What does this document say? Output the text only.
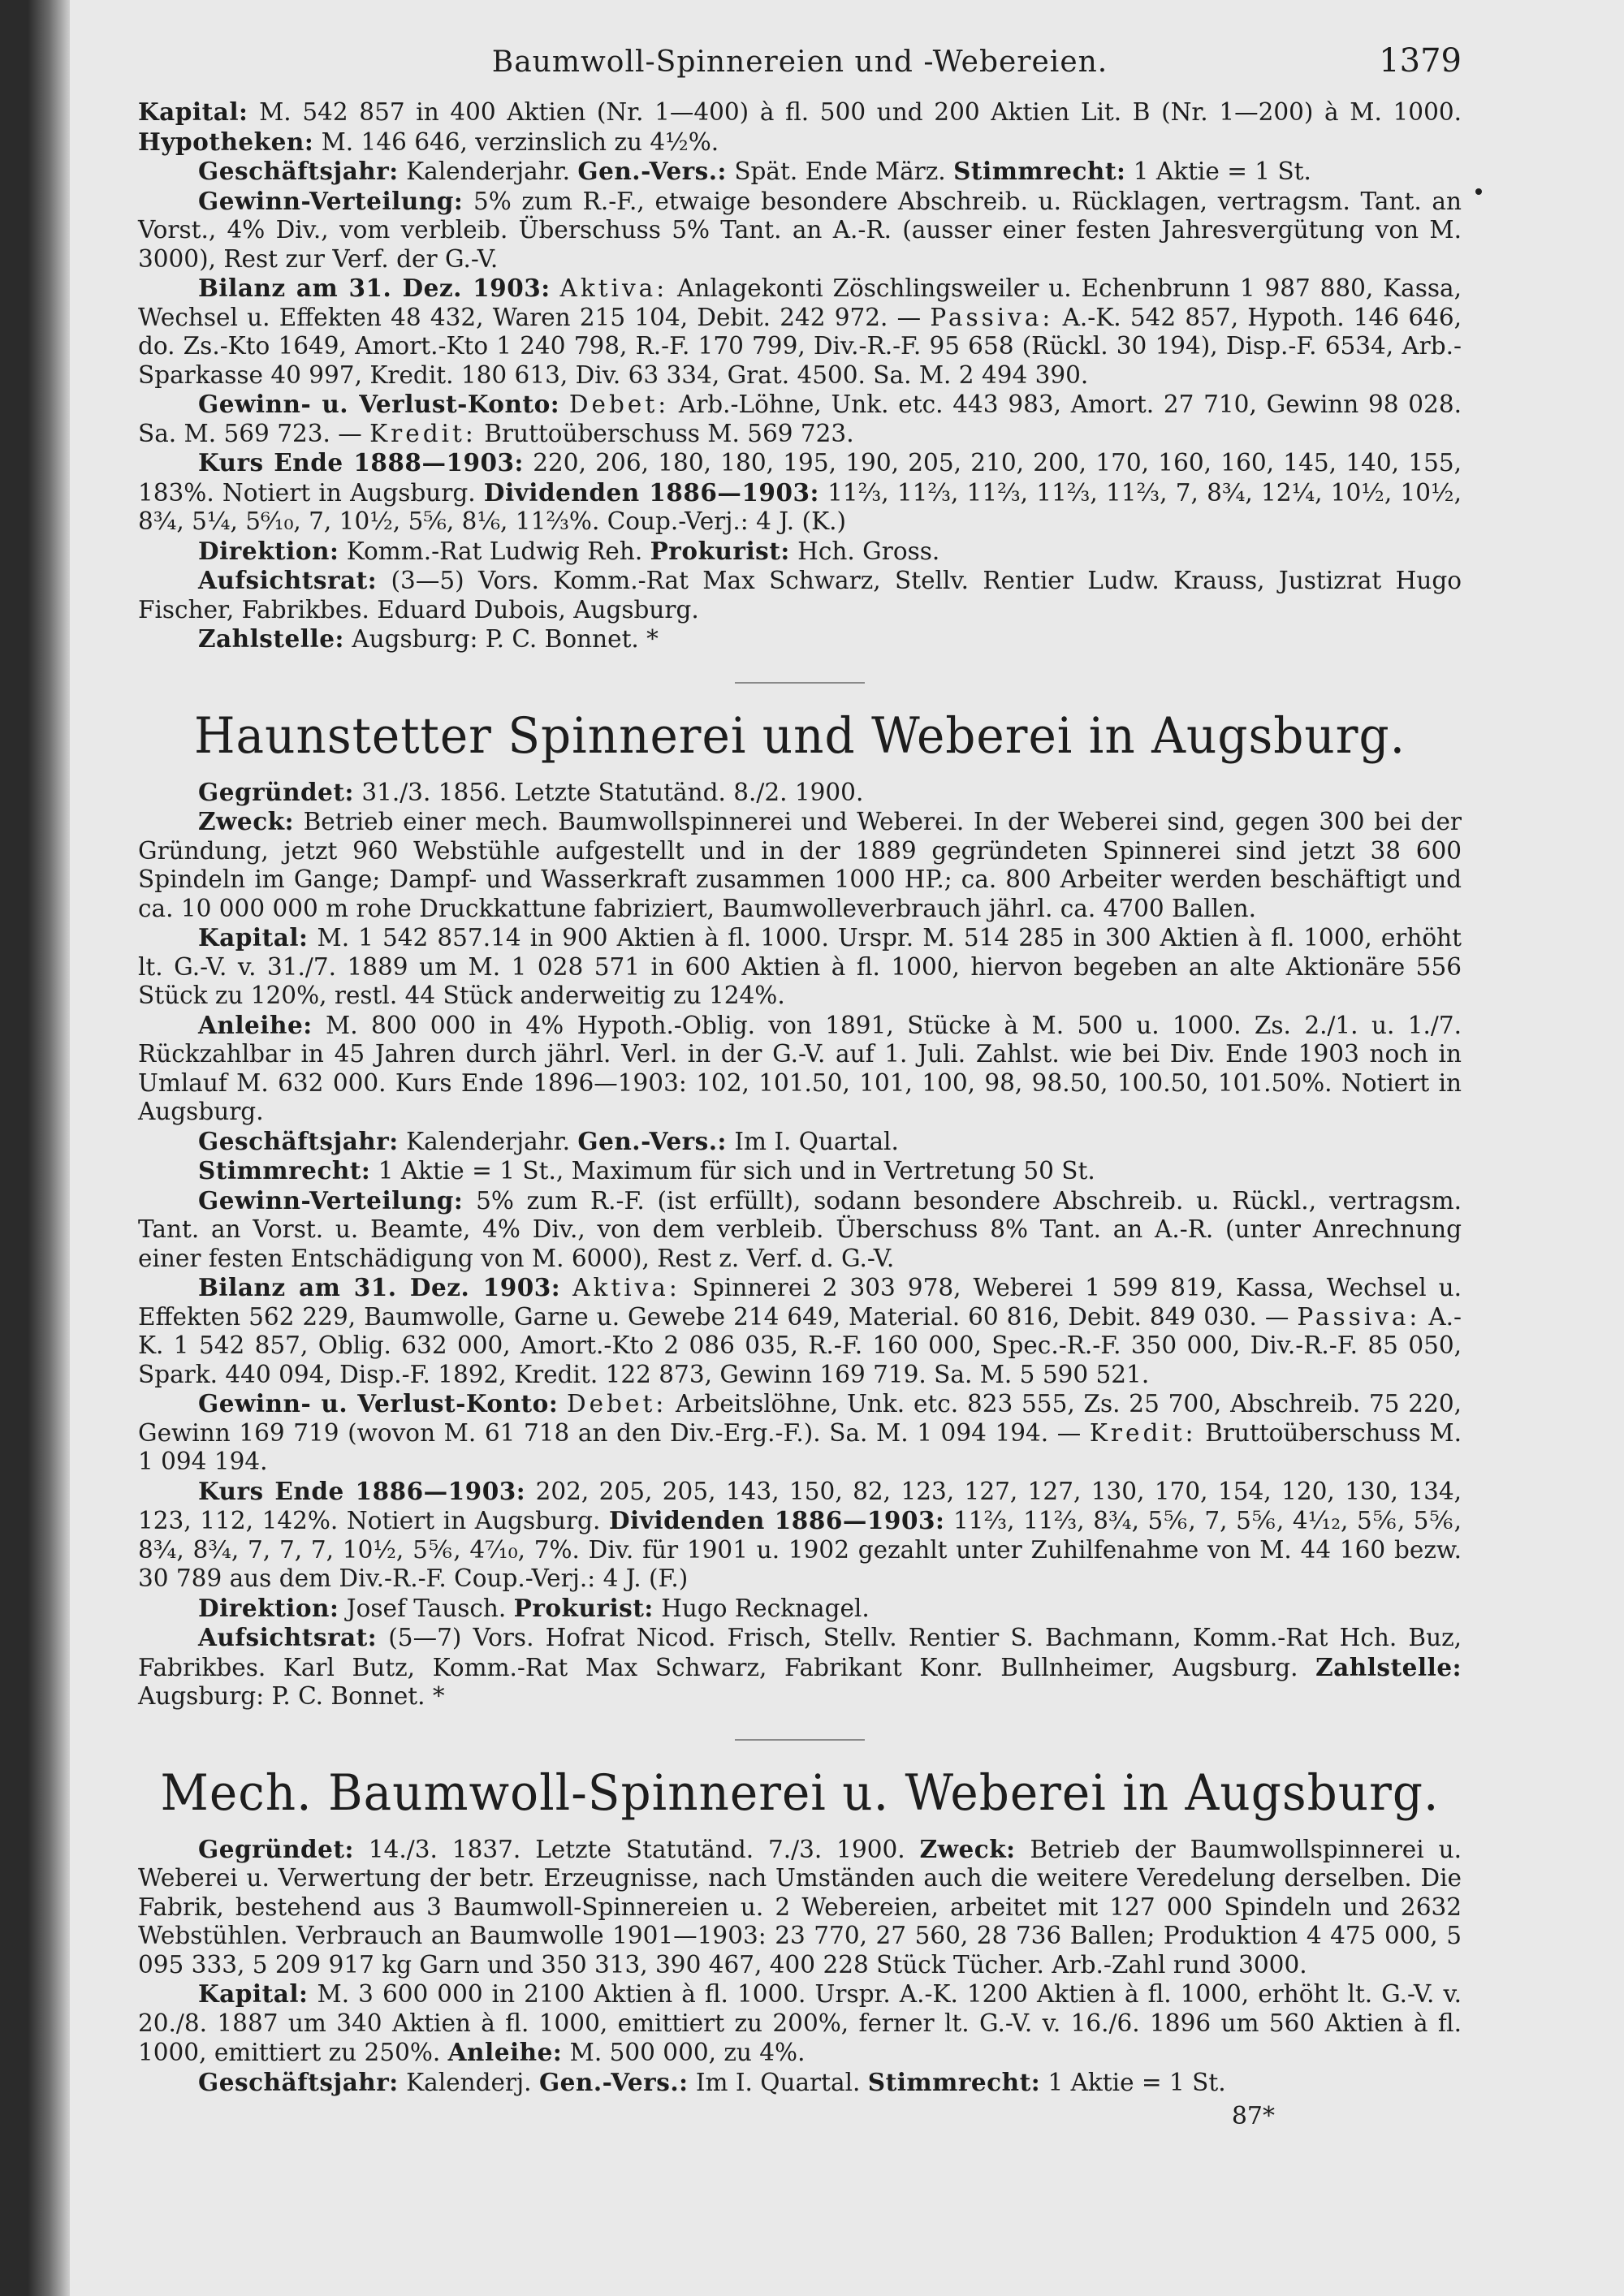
Baumwoll-Spinnereien und -Webereien.	1379

Kapital: M. 542 857 in 400 Aktien (Nr. 1—400) à fl. 500 und 200 Aktien Lit. B (Nr. 1—200) à M. 1000. Hypotheken: M. 146 646, verzinslich zu 4½%.

Geschäftsjahr: Kalenderjahr. Gen.-Vers.: Spät. Ende März. Stimmrecht: 1 Aktie = 1 St.

Gewinn-Verteilung: 5% zum R.-F., etwaige besondere Abschreib. u. Rücklagen, vertragsm. Tant. an Vorst., 4% Div., vom verbleib. Überschuss 5% Tant. an A.-R. (ausser einer festen Jahresvergütung von M. 3000), Rest zur Verf. der G.-V.

Bilanz am 31. Dez. 1903: Aktiva: Anlagekonti Zöschlingsweiler u. Echenbrunn 1 987 880, Kassa, Wechsel u. Effekten 48 432, Waren 215 104, Debit. 242 972. — Passiva: A.-K. 542 857, Hypoth. 146 646, do. Zs.-Kto 1649, Amort.-Kto 1 240 798, R.-F. 170 799, Div.-R.-F. 95 658 (Rückl. 30 194), Disp.-F. 6534, Arb.-Sparkasse 40 997, Kredit. 180 613, Div. 63 334, Grat. 4500. Sa. M. 2 494 390.

Gewinn- u. Verlust-Konto: Debet: Arb.-Löhne, Unk. etc. 443 983, Amort. 27 710, Gewinn 98 028. Sa. M. 569 723. — Kredit: Bruttoüberschuss M. 569 723.

Kurs Ende 1888—1903: 220, 206, 180, 180, 195, 190, 205, 210, 200, 170, 160, 160, 145, 140, 155, 183%. Notiert in Augsburg. Dividenden 1886—1903: 11⅔, 11⅔, 11⅔, 11⅔, 11⅔, 7, 8¾, 12¼, 10½, 10½, 8¾, 5¼, 5⁶⁄₁₀, 7, 10½, 5⅚, 8⅙, 11⅔%. Coup.-Verj.: 4 J. (K.)

Direktion: Komm.-Rat Ludwig Reh. Prokurist: Hch. Gross.

Aufsichtsrat: (3—5) Vors. Komm.-Rat Max Schwarz, Stellv. Rentier Ludw. Krauss, Justizrat Hugo Fischer, Fabrikbes. Eduard Dubois, Augsburg.

Zahlstelle: Augsburg: P. C. Bonnet. *

Haunstetter Spinnerei und Weberei in Augsburg.

Gegründet: 31./3. 1856. Letzte Statutänd. 8./2. 1900.

Zweck: Betrieb einer mech. Baumwollspinnerei und Weberei. In der Weberei sind, gegen 300 bei der Gründung, jetzt 960 Webstühle aufgestellt und in der 1889 gegründeten Spinnerei sind jetzt 38 600 Spindeln im Gange; Dampf- und Wasserkraft zusammen 1000 HP.; ca. 800 Arbeiter werden beschäftigt und ca. 10 000 000 m rohe Druckkattune fabriziert, Baumwolleverbrauch jährl. ca. 4700 Ballen.

Kapital: M. 1 542 857.14 in 900 Aktien à fl. 1000. Urspr. M. 514 285 in 300 Aktien à fl. 1000, erhöht lt. G.-V. v. 31./7. 1889 um M. 1 028 571 in 600 Aktien à fl. 1000, hiervon begeben an alte Aktionäre 556 Stück zu 120%, restl. 44 Stück anderweitig zu 124%.

Anleihe: M. 800 000 in 4% Hypoth.-Oblig. von 1891, Stücke à M. 500 u. 1000. Zs. 2./1. u. 1./7. Rückzahlbar in 45 Jahren durch jährl. Verl. in der G.-V. auf 1. Juli. Zahlst. wie bei Div. Ende 1903 noch in Umlauf M. 632 000. Kurs Ende 1896—1903: 102, 101.50, 101, 100, 98, 98.50, 100.50, 101.50%. Notiert in Augsburg.

Geschäftsjahr: Kalenderjahr. Gen.-Vers.: Im I. Quartal.

Stimmrecht: 1 Aktie = 1 St., Maximum für sich und in Vertretung 50 St.

Gewinn-Verteilung: 5% zum R.-F. (ist erfüllt), sodann besondere Abschreib. u. Rückl., vertragsm. Tant. an Vorst. u. Beamte, 4% Div., von dem verbleib. Überschuss 8% Tant. an A.-R. (unter Anrechnung einer festen Entschädigung von M. 6000), Rest z. Verf. d. G.-V.

Bilanz am 31. Dez. 1903: Aktiva: Spinnerei 2 303 978, Weberei 1 599 819, Kassa, Wechsel u. Effekten 562 229, Baumwolle, Garne u. Gewebe 214 649, Material. 60 816, Debit. 849 030. — Passiva: A.-K. 1 542 857, Oblig. 632 000, Amort.-Kto 2 086 035, R.-F. 160 000, Spec.-R.-F. 350 000, Div.-R.-F. 85 050, Spark. 440 094, Disp.-F. 1892, Kredit. 122 873, Gewinn 169 719. Sa. M. 5 590 521.

Gewinn- u. Verlust-Konto: Debet: Arbeitslöhne, Unk. etc. 823 555, Zs. 25 700, Abschreib. 75 220, Gewinn 169 719 (wovon M. 61 718 an den Div.-Erg.-F.). Sa. M. 1 094 194. — Kredit: Bruttoüberschuss M. 1 094 194.

Kurs Ende 1886—1903: 202, 205, 205, 143, 150, 82, 123, 127, 127, 130, 170, 154, 120, 130, 134, 123, 112, 142%. Notiert in Augsburg. Dividenden 1886—1903: 11⅔, 11⅔, 8¾, 5⅚, 7, 5⅚, 4¹⁄₁₂, 5⅚, 5⅚, 8¾, 8¾, 7, 7, 7, 10½, 5⅚, 4⁷⁄₁₀, 7%. Div. für 1901 u. 1902 gezahlt unter Zuhilfenahme von M. 44 160 bezw. 30 789 aus dem Div.-R.-F. Coup.-Verj.: 4 J. (F.)

Direktion: Josef Tausch. Prokurist: Hugo Recknagel.

Aufsichtsrat: (5—7) Vors. Hofrat Nicod. Frisch, Stellv. Rentier S. Bachmann, Komm.-Rat Hch. Buz, Fabrikbes. Karl Butz, Komm.-Rat Max Schwarz, Fabrikant Konr. Bullnheimer, Augsburg. Zahlstelle: Augsburg: P. C. Bonnet. *

Mech. Baumwoll-Spinnerei u. Weberei in Augsburg.

Gegründet: 14./3. 1837. Letzte Statutänd. 7./3. 1900. Zweck: Betrieb der Baumwollspinnerei u. Weberei u. Verwertung der betr. Erzeugnisse, nach Umständen auch die weitere Veredelung derselben. Die Fabrik, bestehend aus 3 Baumwoll-Spinnereien u. 2 Webereien, arbeitet mit 127 000 Spindeln und 2632 Webstühlen. Verbrauch an Baumwolle 1901—1903: 23 770, 27 560, 28 736 Ballen; Produktion 4 475 000, 5 095 333, 5 209 917 kg Garn und 350 313, 390 467, 400 228 Stück Tücher. Arb.-Zahl rund 3000.

Kapital: M. 3 600 000 in 2100 Aktien à fl. 1000. Urspr. A.-K. 1200 Aktien à fl. 1000, erhöht lt. G.-V. v. 20./8. 1887 um 340 Aktien à fl. 1000, emittiert zu 200%, ferner lt. G.-V. v. 16./6. 1896 um 560 Aktien à fl. 1000, emittiert zu 250%. Anleihe: M. 500 000, zu 4%.

Geschäftsjahr: Kalenderj. Gen.-Vers.: Im I. Quartal. Stimmrecht: 1 Aktie = 1 St.

87*
